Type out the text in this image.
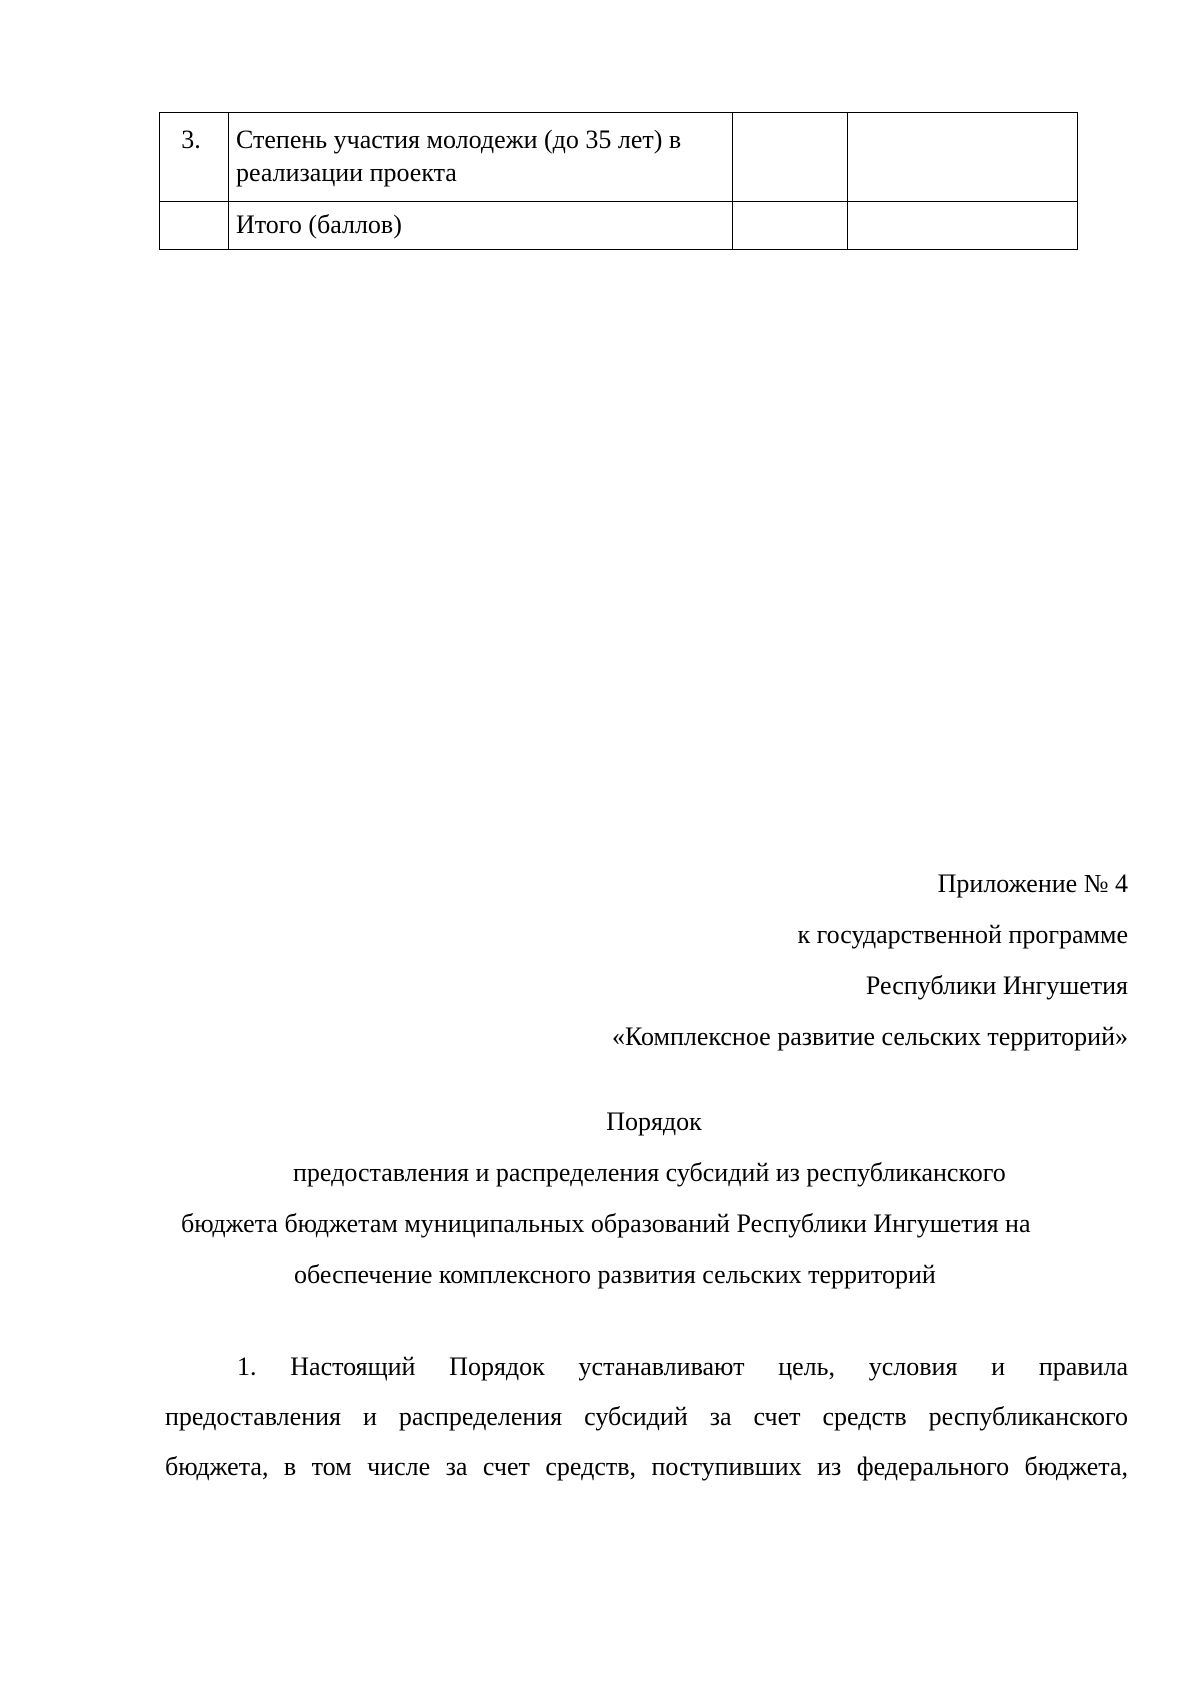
3.	Степень участия молодежи (до 35 лет) в реализации проекта		
	Итого (баллов)		
Приложение № 4
к государственной программе
Республики Ингушетия
«Комплексное развитие сельских территорий»
Порядок
предоставления и распределения субсидий из республиканского
бюджета бюджетам муниципальных образований Республики Ингушетия на
обеспечение комплексного развития сельских территорий
1. Настоящий Порядок устанавливают цель, условия и правила
предоставления и распределения субсидий за счет средств республиканского
бюджета, в том числе за счет средств, поступивших из федерального бюджета,
